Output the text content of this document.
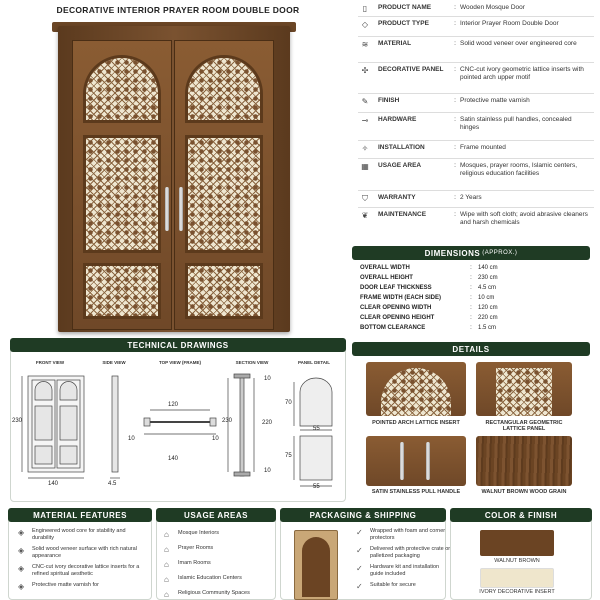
DECORATIVE INTERIOR PRAYER ROOM DOUBLE DOOR	▯	PRODUCT NAME	: Wooden Mosque Door
◇	PRODUCT TYPE	: Interior Prayer Room Double Door
≋	MATERIAL	: Solid wood veneer over engineered core
✣	DECORATIVE PANEL	: CNC-cut ivory geometric lattice inserts with pointed arch upper motif
✎	FINISH	: Protective matte varnish
⊸	HARDWARE	: Satin stainless pull handles, concealed hinges
✧	INSTALLATION	: Frame mounted
▦	USAGE AREA	: Mosques, prayer rooms, Islamic centers, religious education facilities
⛉	WARRANTY	: 2 Years
❦	MAINTENANCE	: Wipe with soft cloth; avoid abrasive cleaners and harsh chemicals
DIMENSIONS (APPROX.)
OVERALL WIDTH	:	140 cm
OVERALL HEIGHT	:	230 cm
DOOR LEAF THICKNESS	:	4.5 cm
FRAME WIDTH (EACH SIDE)	:	10 cm
CLEAR OPENING WIDTH	:	120 cm
CLEAR OPENING HEIGHT	:	220 cm
BOTTOM CLEARANCE	:	1.5 cm
TECHNICAL DRAWINGS
FRONT VIEW	SIDE VIEW	TOP VIEW (FRAME)	SECTION VIEW	PANEL DETAIL
230
140	4.5
120
10	10
140
230
10
220
10
70
55
75
55
DETAILS
POINTED ARCH LATTICE INSERT	RECTANGULAR GEOMETRIC LATTICE PANEL
SATIN STAINLESS PULL HANDLE	WALNUT BROWN WOOD GRAIN
MATERIAL FEATURES
◈ Engineered wood core for stability and durability
◈ Solid wood veneer surface with rich natural appearance
◈ CNC-cut ivory decorative lattice inserts for a refined spiritual aesthetic
◈ Protective matte varnish for
USAGE AREAS
⌂ Mosque Interiors
⌂ Prayer Rooms
⌂ Imam Rooms
⌂ Islamic Education Centers
⌂ Religious Community Spaces
PACKAGING & SHIPPING
✓ Wrapped with foam and corner protectors
✓ Delivered with protective crate or palletized packaging
✓ Hardware kit and installation guide included
✓ Suitable for secure
COLOR & FINISH
WALNUT BROWN
IVORY DECORATIVE INSERT
